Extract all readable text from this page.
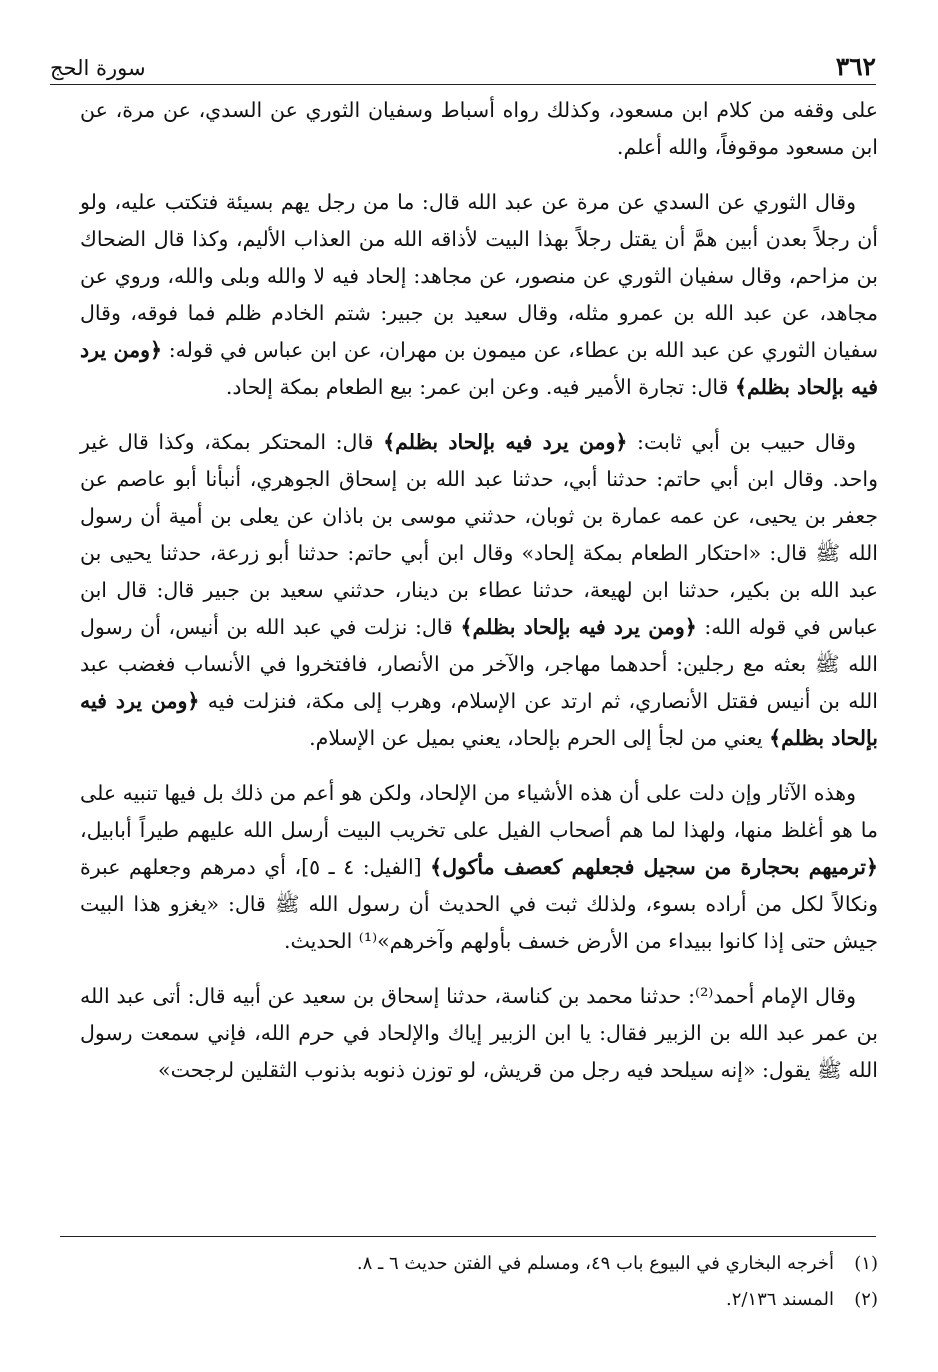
٣٦٢
سورة الحج

على وقفه من كلام ابن مسعود، وكذلك رواه أسباط وسفيان الثوري عن السدي، عن مرة، عن ابن مسعود موقوفاً، والله أعلم.

وقال الثوري عن السدي عن مرة عن عبد الله قال: ما من رجل يهم بسيئة فتكتب عليه، ولو أن رجلاً بعدن أبين همَّ أن يقتل رجلاً بهذا البيت لأذاقه الله من العذاب الأليم، وكذا قال الضحاك بن مزاحم، وقال سفيان الثوري عن منصور، عن مجاهد: إلحاد فيه لا والله وبلى والله، وروي عن مجاهد، عن عبد الله بن عمرو مثله، وقال سعيد بن جبير: شتم الخادم ظلم فما فوقه، وقال سفيان الثوري عن عبد الله بن عطاء، عن ميمون بن مهران، عن ابن عباس في قوله: ﴿ومن يرد فيه بإلحاد بظلم﴾ قال: تجارة الأمير فيه. وعن ابن عمر: بيع الطعام بمكة إلحاد.

وقال حبيب بن أبي ثابت: ﴿ومن يرد فيه بإلحاد بظلم﴾ قال: المحتكر بمكة، وكذا قال غير واحد. وقال ابن أبي حاتم: حدثنا أبي، حدثنا عبد الله بن إسحاق الجوهري، أنبأنا أبو عاصم عن جعفر بن يحيى، عن عمه عمارة بن ثوبان، حدثني موسى بن باذان عن يعلى بن أمية أن رسول الله ﷺ قال: «احتكار الطعام بمكة إلحاد» وقال ابن أبي حاتم: حدثنا أبو زرعة، حدثنا يحيى بن عبد الله بن بكير، حدثنا ابن لهيعة، حدثنا عطاء بن دينار، حدثني سعيد بن جبير قال: قال ابن عباس في قوله الله: ﴿ومن يرد فيه بإلحاد بظلم﴾ قال: نزلت في عبد الله بن أنيس، أن رسول الله ﷺ بعثه مع رجلين: أحدهما مهاجر، والآخر من الأنصار، فافتخروا في الأنساب فغضب عبد الله بن أنيس فقتل الأنصاري، ثم ارتد عن الإسلام، وهرب إلى مكة، فنزلت فيه ﴿ومن يرد فيه بإلحاد بظلم﴾ يعني من لجأ إلى الحرم بإلحاد، يعني بميل عن الإسلام.

وهذه الآثار وإن دلت على أن هذه الأشياء من الإلحاد، ولكن هو أعم من ذلك بل فيها تنبيه على ما هو أغلظ منها، ولهذا لما هم أصحاب الفيل على تخريب البيت أرسل الله عليهم طيراً أبابيل، ﴿ترميهم بحجارة من سجيل فجعلهم كعصف مأكول﴾ [الفيل: ٤ ـ ٥]، أي دمرهم وجعلهم عبرة ونكالاً لكل من أراده بسوء، ولذلك ثبت في الحديث أن رسول الله ﷺ قال: «يغزو هذا البيت جيش حتى إذا كانوا ببيداء من الأرض خسف بأولهم وآخرهم»⁽¹⁾ الحديث.

وقال الإمام أحمد⁽²⁾: حدثنا محمد بن كناسة، حدثنا إسحاق بن سعيد عن أبيه قال: أتى عبد الله بن عمر عبد الله بن الزبير فقال: يا ابن الزبير إياك والإلحاد في حرم الله، فإني سمعت رسول الله ﷺ يقول: «إنه سيلحد فيه رجل من قريش، لو توزن ذنوبه بذنوب الثقلين لرجحت»

(١)أخرجه البخاري في البيوع باب ٤٩، ومسلم في الفتن حديث ٦ ـ ٨.
(٢)المسند ٢/١٣٦.
